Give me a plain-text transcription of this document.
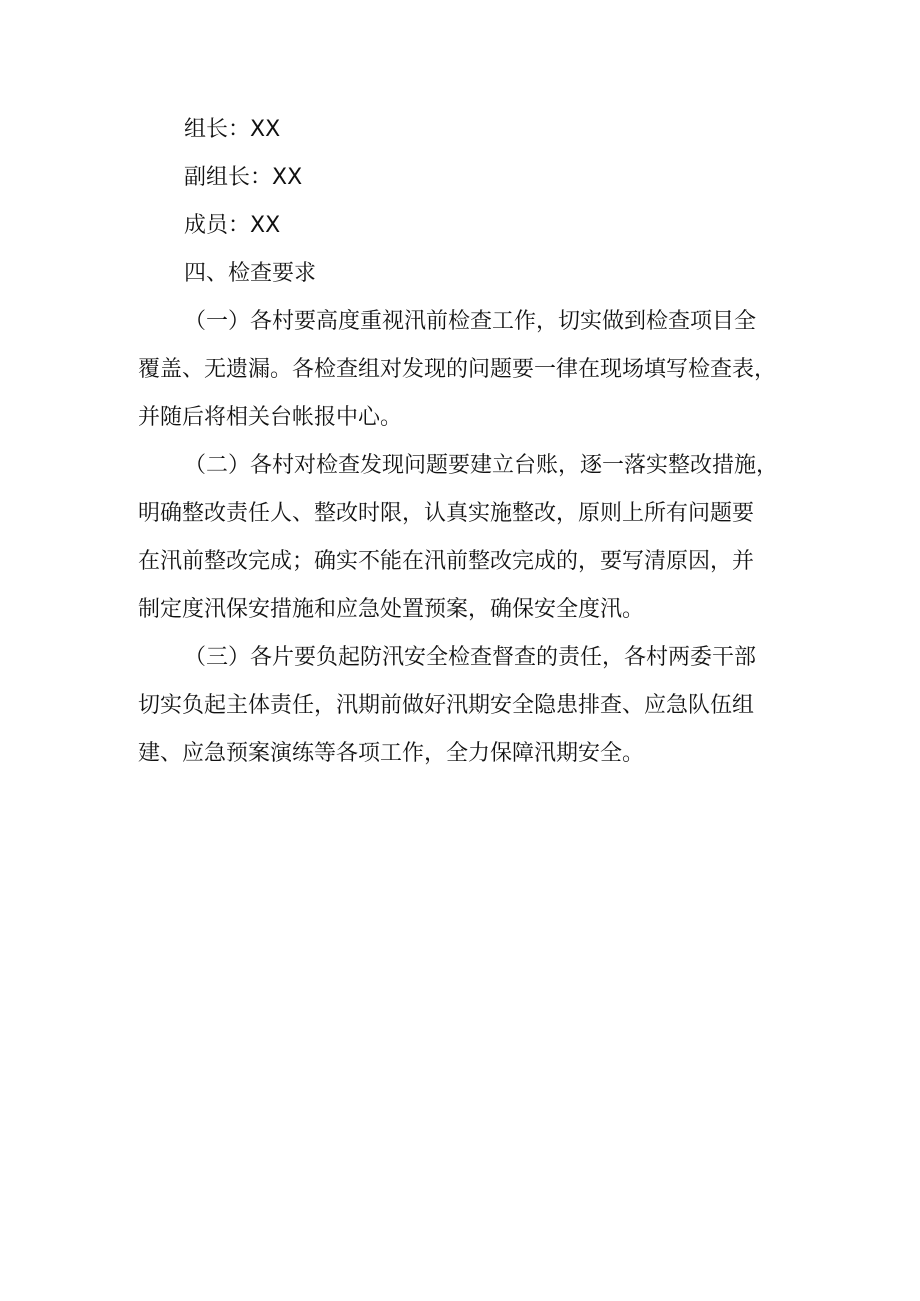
组长：XX

副组长：XX

成员：XX

四、检查要求

（一）各村要高度重视汛前检查工作，切实做到检查项目全

覆盖、无遗漏。各检查组对发现的问题要一律在现场填写检查表，

并随后将相关台帐报中心。

（二）各村对检查发现问题要建立台账，逐一落实整改措施，

明确整改责任人、整改时限，认真实施整改，原则上所有问题要

在汛前整改完成；确实不能在汛前整改完成的，要写清原因，并

制定度汛保安措施和应急处置预案，确保安全度汛。

（三）各片要负起防汛安全检查督查的责任，各村两委干部

切实负起主体责任，汛期前做好汛期安全隐患排查、应急队伍组

建、应急预案演练等各项工作，全力保障汛期安全。
